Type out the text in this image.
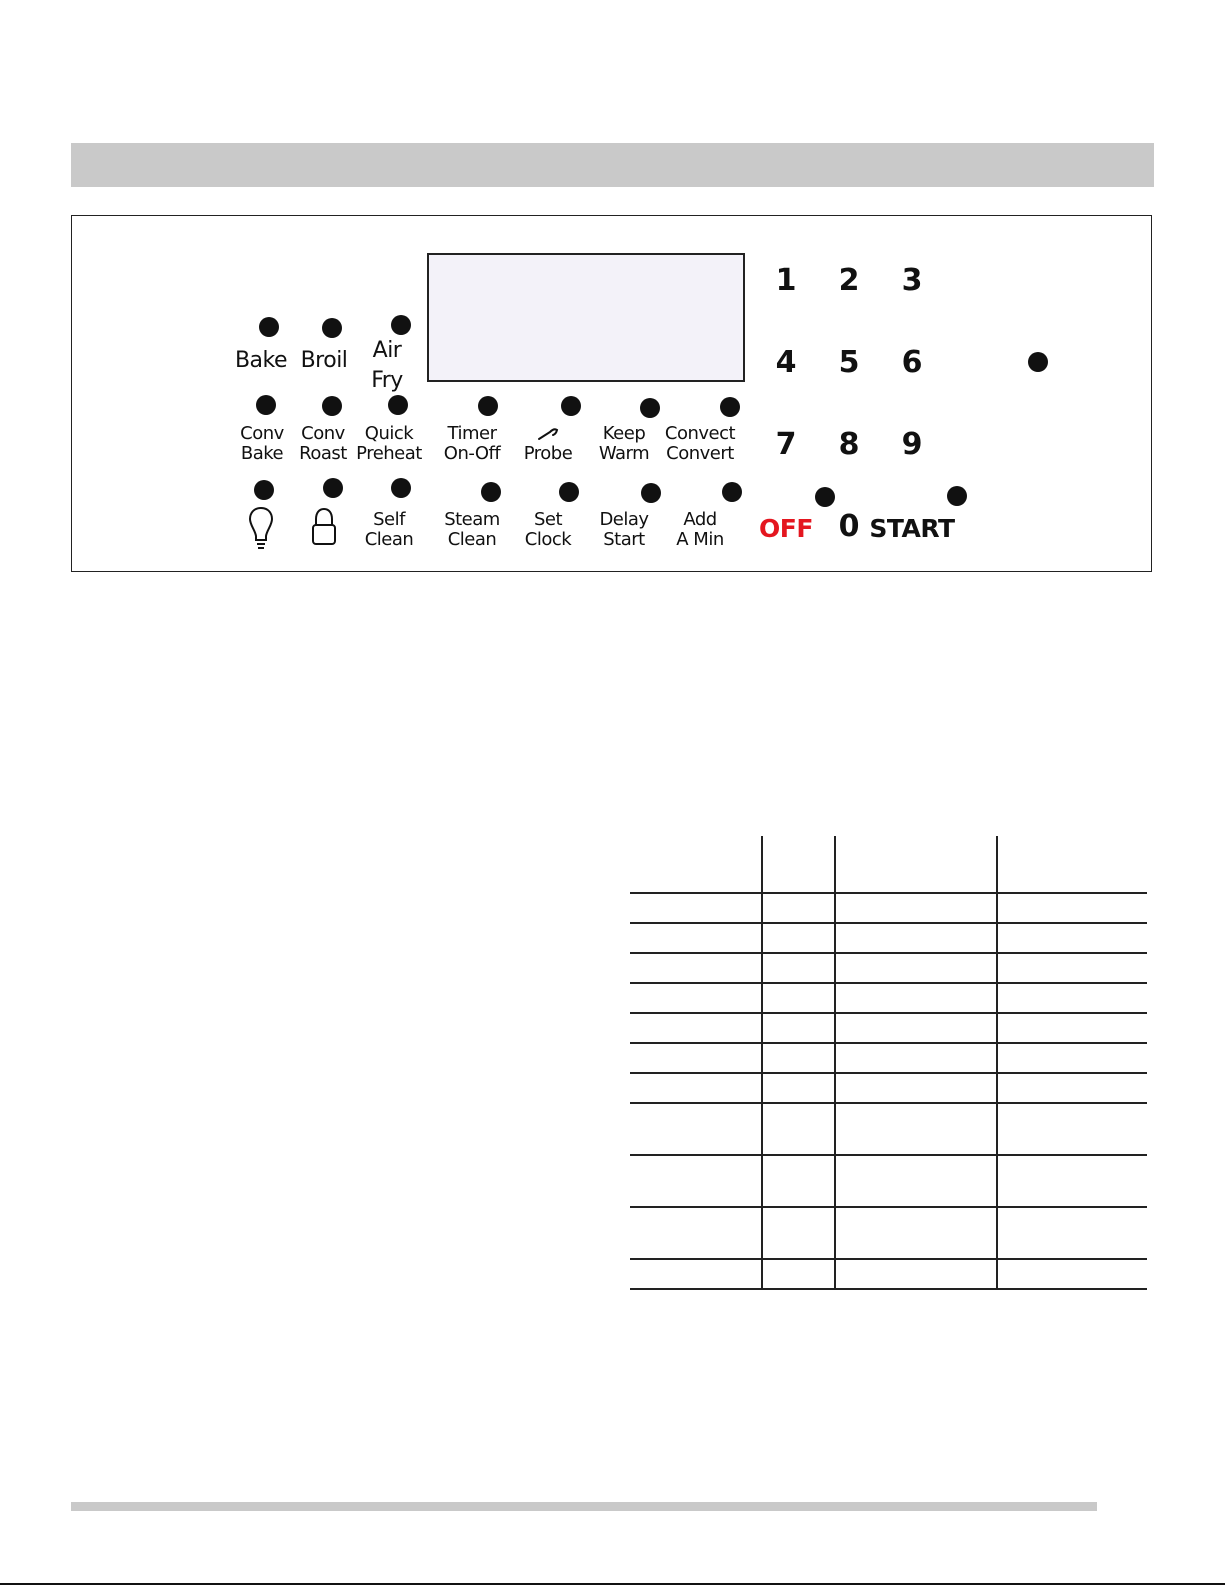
Bake Broil Air
Fry
Conv
Bake
Conv
Roast
Quick
Preheat
Timer
On-Off Probe
Keep
Warm
Convect
Convert
Self
Clean
Steam
Clean
Set
Clock
Delay
Start
Add
A Min
1 2 3
4 5 6
7 8 9
OFF 0 START
